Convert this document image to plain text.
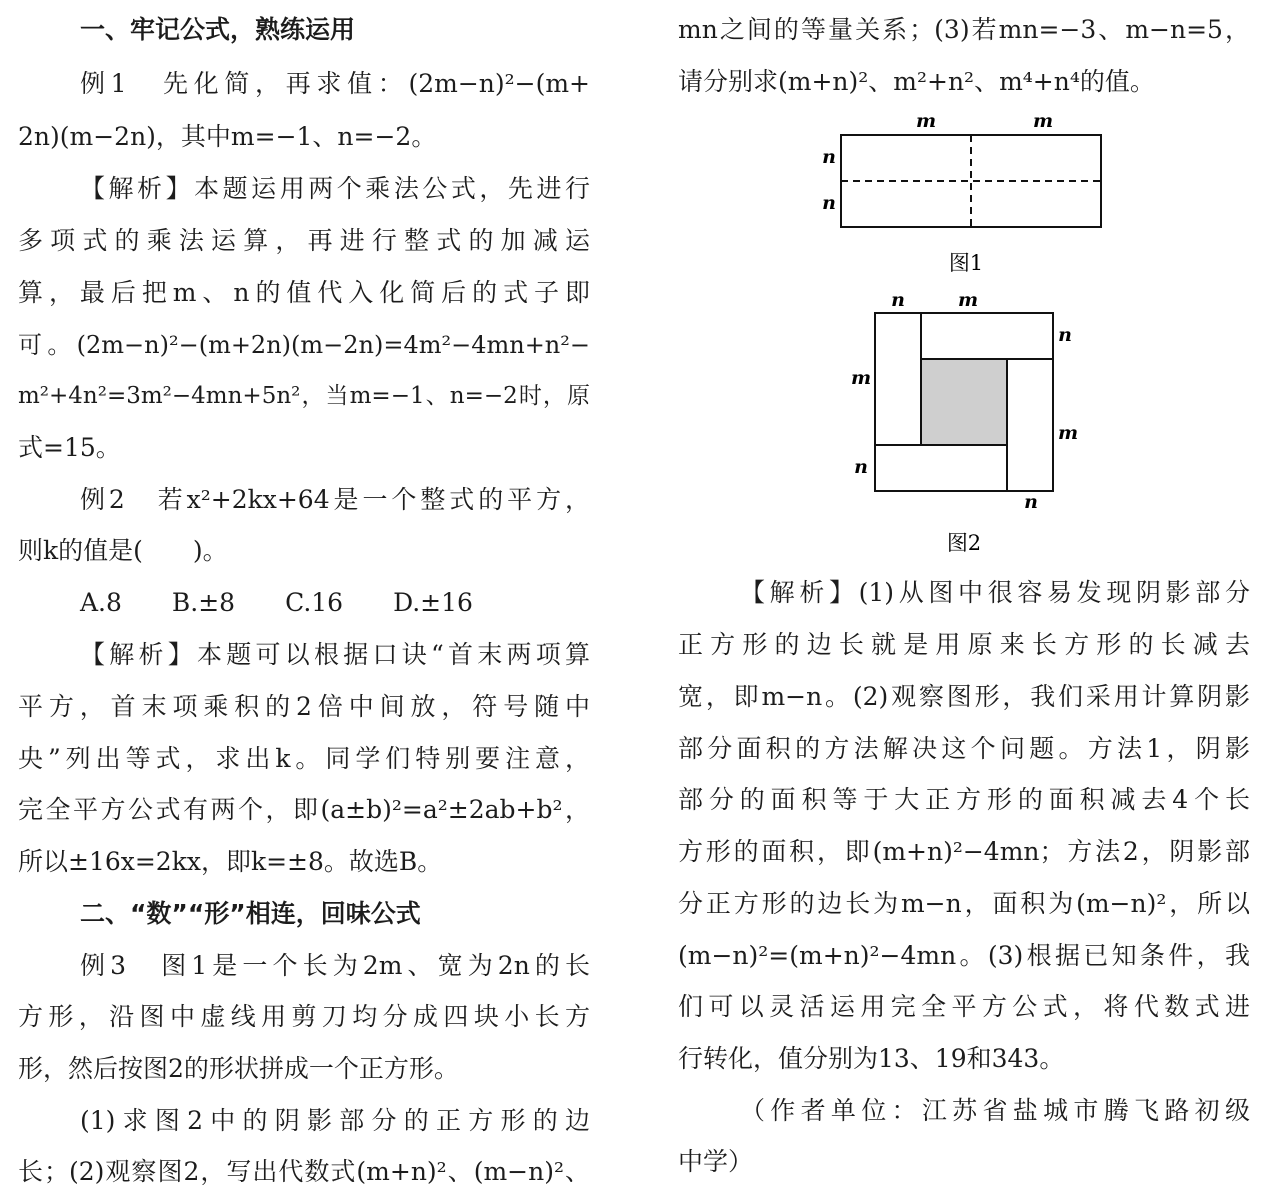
一、牢记公式，熟练运用
例1　先化简，再求值：(2m−n)²−(m+
2n)(m−2n)，其中m=−1、n=−2。
【解析】本题运用两个乘法公式，先进行
多项式的乘法运算，再进行整式的加减运
算，最后把m、n的值代入化简后的式子即
可。(2m−n)²−(m+2n)(m−2n)=4m²−4mn+n²−
m²+4n²=3m²−4mn+5n²，当m=−1、n=−2时，原
式=15。
例2　若x²+2kx+64是一个整式的平方，
则k的值是(　　)。
A.8　　B.±8　　C.16　　D.±16
【解析】本题可以根据口诀“首末两项算
平方，首末项乘积的2倍中间放，符号随中
央”列出等式，求出k。同学们特别要注意，
完全平方公式有两个，即(a±b)²=a²±2ab+b²，
所以±16x=2kx，即k=±8。故选B。
二、“数”“形”相连，回味公式
例3　图1是一个长为2m、宽为2n的长
方形，沿图中虚线用剪刀均分成四块小长方
形，然后按图2的形状拼成一个正方形。
(1)求图2中的阴影部分的正方形的边
长；(2)观察图2，写出代数式(m+n)²、(m−n)²、
mn之间的等量关系；(3)若mn=−3、m−n=5，
请分别求(m+n)²、m²+n²、m⁴+n⁴的值。
m	m
n
n
图1
n	m
n
m
m
n
n
图2
【解析】(1)从图中很容易发现阴影部分
正方形的边长就是用原来长方形的长减去
宽，即m−n。(2)观察图形，我们采用计算阴影
部分面积的方法解决这个问题。方法1，阴影
部分的面积等于大正方形的面积减去4个长
方形的面积，即(m+n)²−4mn；方法2，阴影部
分正方形的边长为m−n，面积为(m−n)²，所以
(m−n)²=(m+n)²−4mn。(3)根据已知条件，我
们可以灵活运用完全平方公式，将代数式进
行转化，值分别为13、19和343。
（作者单位：江苏省盐城市腾飞路初级
中学）
